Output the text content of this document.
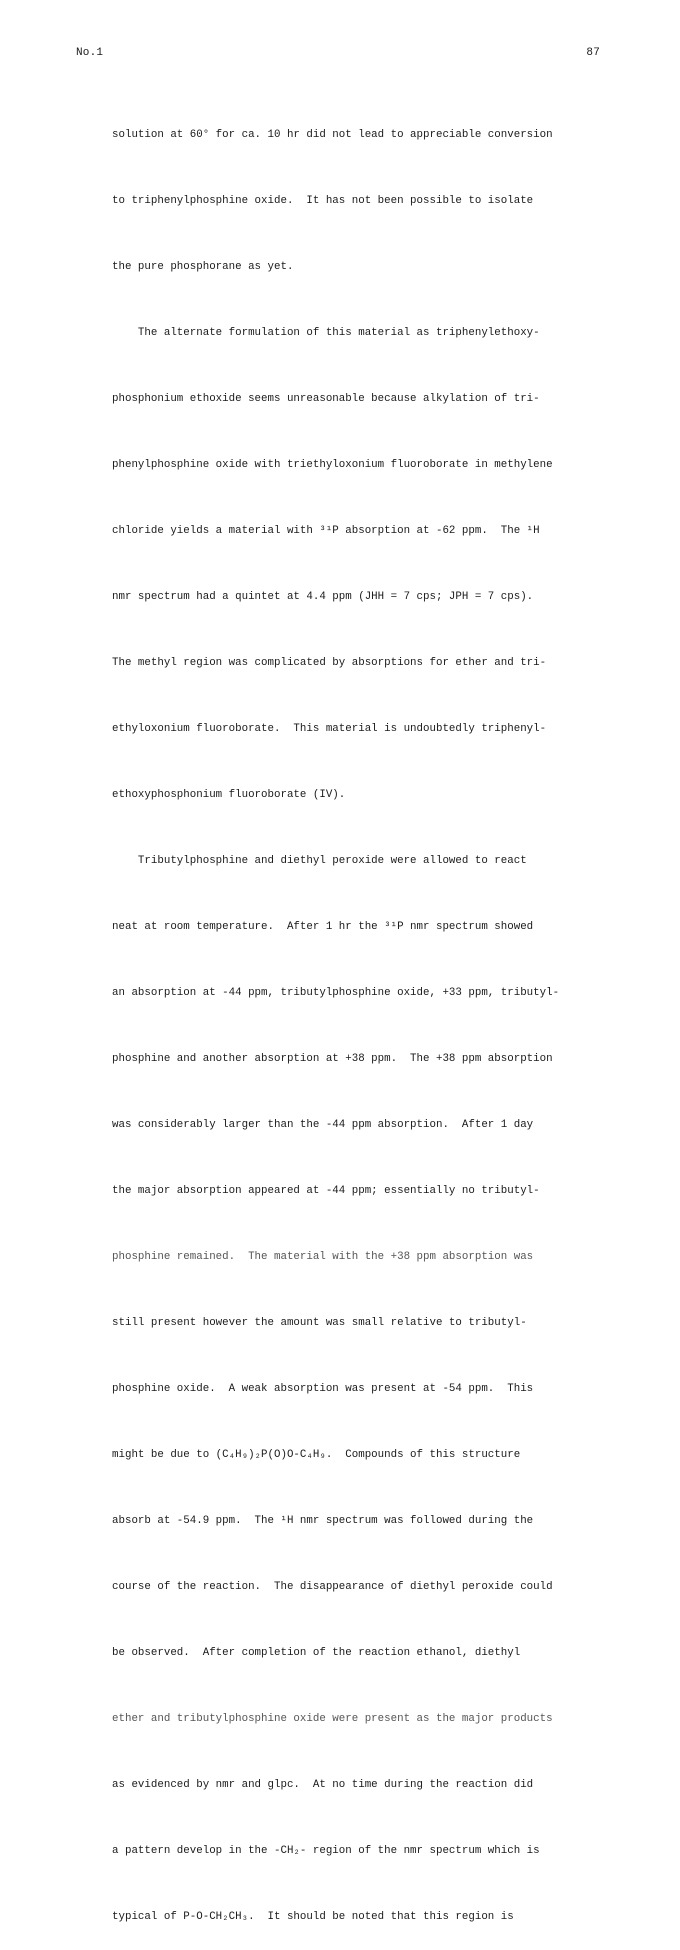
No.1	87

solution at 60° for ca. 10 hr did not lead to appreciable conversion

to triphenylphosphine oxide.  It has not been possible to isolate

the pure phosphorane as yet.

The alternate formulation of this material as triphenylethoxy-

phosphonium ethoxide seems unreasonable because alkylation of tri-

phenylphosphine oxide with triethyloxonium fluoroborate in methylene

chloride yields a material with ³¹P absorption at -62 ppm.  The ¹H

nmr spectrum had a quintet at 4.4 ppm (JHH = 7 cps; JPH = 7 cps).

The methyl region was complicated by absorptions for ether and tri-

ethyloxonium fluoroborate.  This material is undoubtedly triphenyl-

ethoxyphosphonium fluoroborate (IV).

Tributylphosphine and diethyl peroxide were allowed to react

neat at room temperature.  After 1 hr the ³¹P nmr spectrum showed

an absorption at -44 ppm, tributylphosphine oxide, +33 ppm, tributyl-

phosphine and another absorption at +38 ppm.  The +38 ppm absorption

was considerably larger than the -44 ppm absorption.  After 1 day

the major absorption appeared at -44 ppm; essentially no tributyl-

phosphine remained.  The material with the +38 ppm absorption was

still present however the amount was small relative to tributyl-

phosphine oxide.  A weak absorption was present at -54 ppm.  This

might be due to (C₄H₉)₂P(O)O-C₄H₉.  Compounds of this structure

absorb at -54.9 ppm.  The ¹H nmr spectrum was followed during the

course of the reaction.  The disappearance of diethyl peroxide could

be observed.  After completion of the reaction ethanol, diethyl

ether and tributylphosphine oxide were present as the major products

as evidenced by nmr and glpc.  At no time during the reaction did

a pattern develop in the -CH₂- region of the nmr spectrum which is

typical of P-O-CH₂CH₃.  It should be noted that this region is
